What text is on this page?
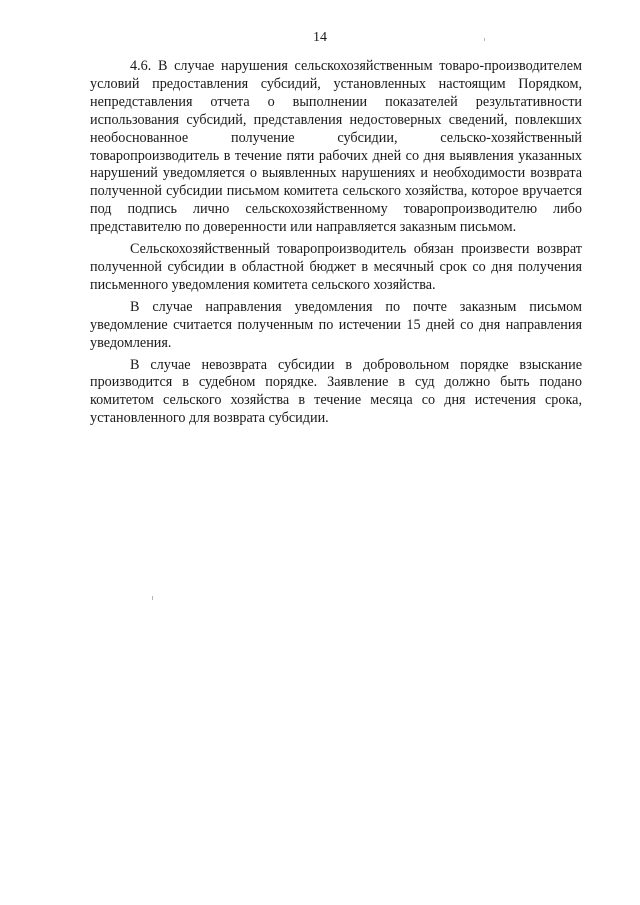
14

4.6. В случае нарушения сельскохозяйственным товаро-производителем условий предоставления субсидий, установленных настоящим Порядком, непредставления отчета о выполнении показателей результативности использования субсидий, представления недостоверных сведений, повлекших необоснованное получение субсидии, сельско-хозяйственный товаропроизводитель в течение пяти рабочих дней со дня выявления указанных нарушений уведомляется о выявленных нарушениях и необходимости возврата полученной субсидии письмом комитета сельского хозяйства, которое вручается под подпись лично сельскохозяйственному товаропроизводителю либо представителю по доверенности или направляется заказным письмом.

Сельскохозяйственный товаропроизводитель обязан произвести возврат полученной субсидии в областной бюджет в месячный срок со дня получения письменного уведомления комитета сельского хозяйства.

В случае направления уведомления по почте заказным письмом уведомление считается полученным по истечении 15 дней со дня направления уведомления.

В случае невозврата субсидии в добровольном порядке взыскание производится в судебном порядке. Заявление в суд должно быть подано комитетом сельского хозяйства в течение месяца со дня истечения срока, установленного для возврата субсидии.
